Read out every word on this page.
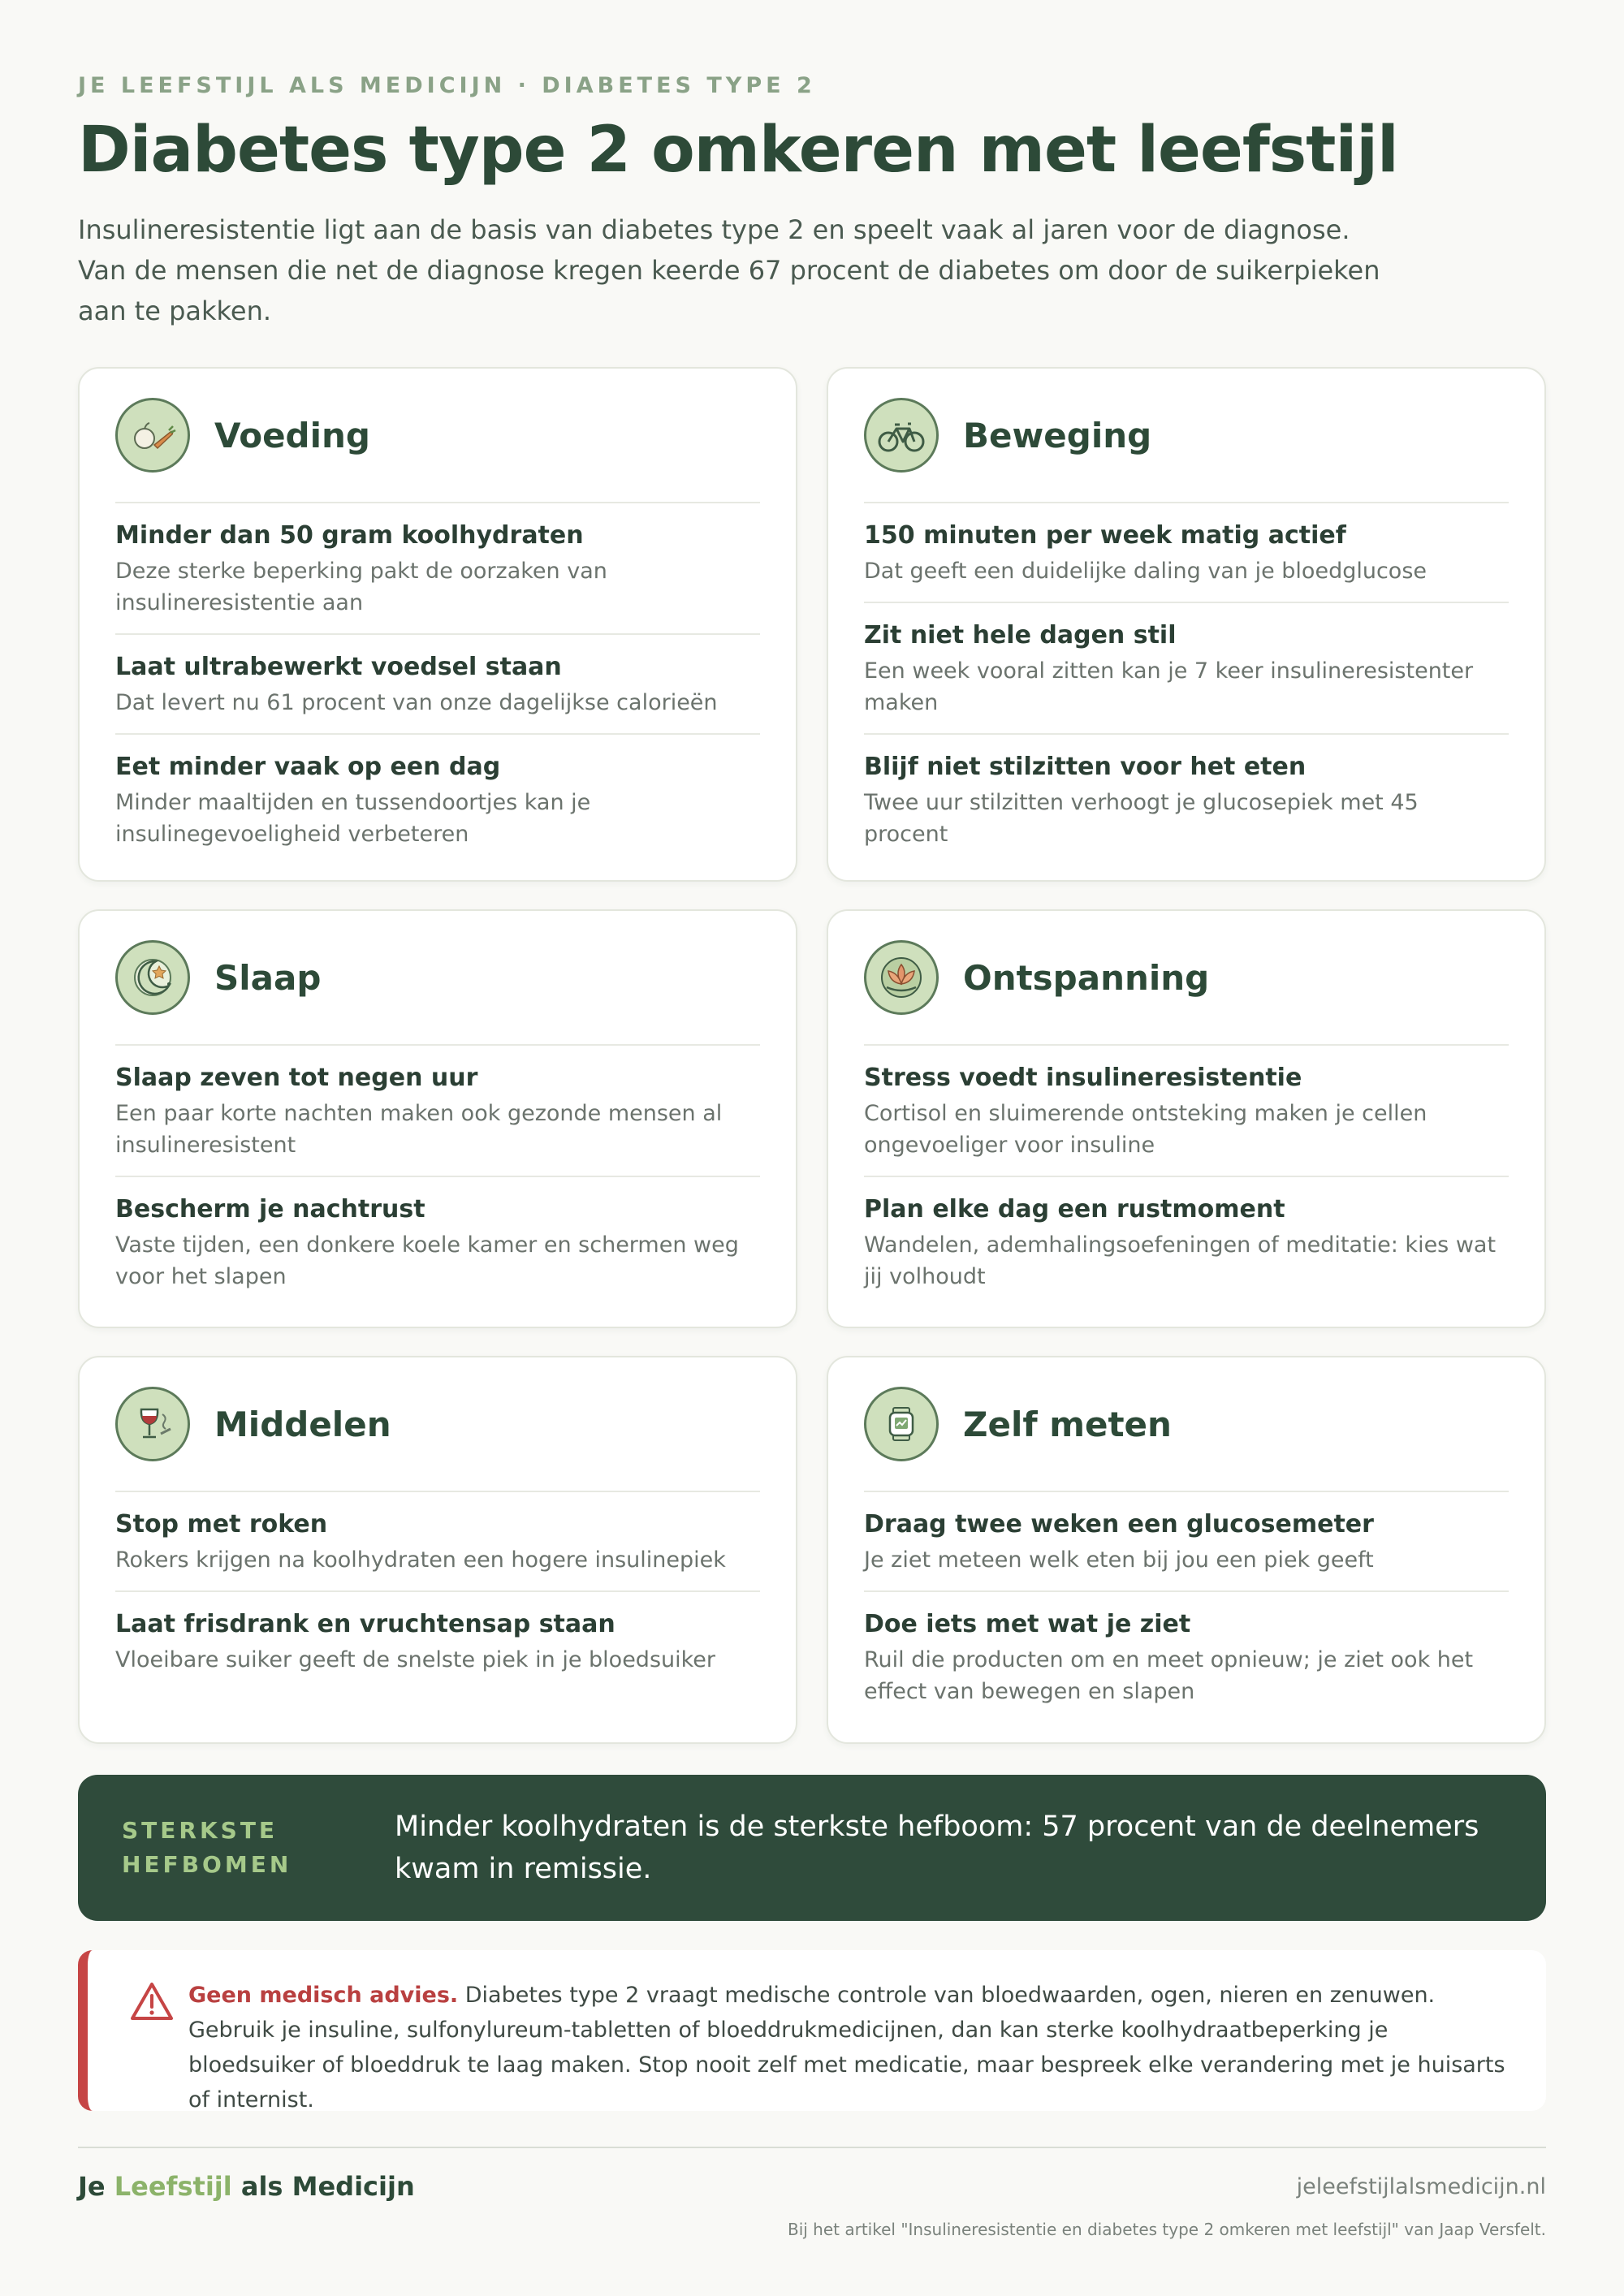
JE LEEFSTIJL ALS MEDICIJN · DIABETES TYPE 2
Diabetes type 2 omkeren met leefstijl

Insulineresistentie ligt aan de basis van diabetes type 2 en speelt vaak al jaren voor de diagnose. Van de mensen die net de diagnose kregen keerde 67 procent de diabetes om door de suikerpieken aan te pakken.

Voeding
Minder dan 50 gram koolhydraten
Deze sterke beperking pakt de oorzaken van insulineresistentie aan
Laat ultrabewerkt voedsel staan
Dat levert nu 61 procent van onze dagelijkse calorieën
Eet minder vaak op een dag
Minder maaltijden en tussendoortjes kan je insulinegevoeligheid verbeteren
Beweging
150 minuten per week matig actief
Dat geeft een duidelijke daling van je bloedglucose
Zit niet hele dagen stil
Een week vooral zitten kan je 7 keer insulineresistenter maken
Blijf niet stilzitten voor het eten
Twee uur stilzitten verhoogt je glucosepiek met 45 procent
Slaap
Slaap zeven tot negen uur
Een paar korte nachten maken ook gezonde mensen al insulineresistent
Bescherm je nachtrust
Vaste tijden, een donkere koele kamer en schermen weg voor het slapen
Ontspanning
Stress voedt insulineresistentie
Cortisol en sluimerende ontsteking maken je cellen ongevoeliger voor insuline
Plan elke dag een rustmoment
Wandelen, ademhalingsoefeningen of meditatie: kies wat jij volhoudt
Middelen
Stop met roken
Rokers krijgen na koolhydraten een hogere insulinepiek
Laat frisdrank en vruchtensap staan
Vloeibare suiker geeft de snelste piek in je bloedsuiker
Zelf meten
Draag twee weken een glucosemeter
Je ziet meteen welk eten bij jou een piek geeft
Doe iets met wat je ziet
Ruil die producten om en meet opnieuw; je ziet ook het effect van bewegen en slapen
STERKSTE HEFBOMEN
Minder koolhydraten is de sterkste hefboom: 57 procent van de deelnemers kwam in remissie.

Geen medisch advies. Diabetes type 2 vraagt medische controle van bloedwaarden, ogen, nieren en zenuwen. Gebruik je insuline, sulfonylureum-tabletten of bloeddrukmedicijnen, dan kan sterke koolhydraatbeperking je bloedsuiker of bloeddruk te laag maken. Stop nooit zelf met medicatie, maar bespreek elke verandering met je huisarts of internist.

Je Leefstijl als Medicijn	jeleefstijlalsmedicijn.nl
Bij het artikel "Insulineresistentie en diabetes type 2 omkeren met leefstijl" van Jaap Versfelt.
